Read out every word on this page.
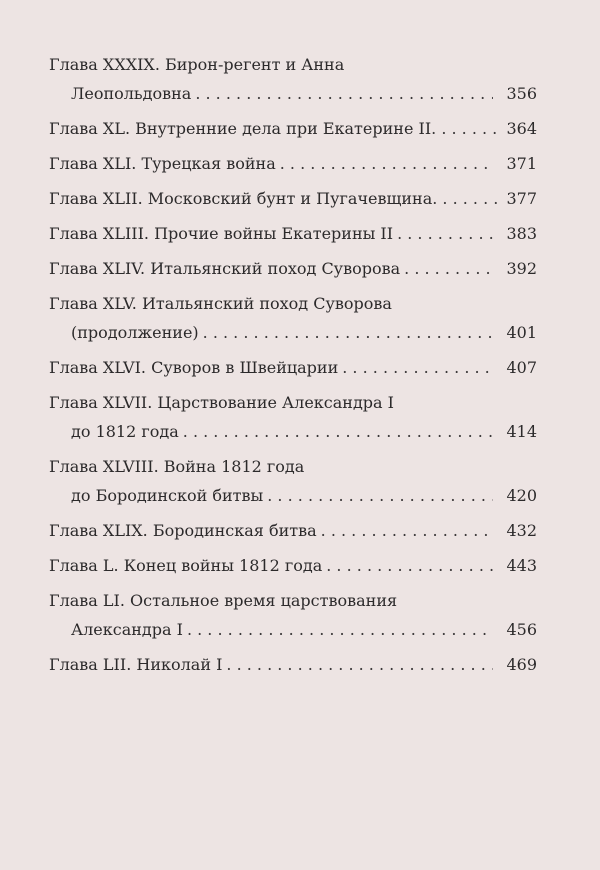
Глава XXXIX. Бирон-регент и Анна
Леопольдовна . . .	356
Глава XL. Внутренние дела при Екатерине II . . .	364
Глава XLI. Турецкая война . . .	371
Глава XLII. Московский бунт и Пугачевщина . . .	377
Глава XLIII. Прочие войны Екатерины II . . .	383
Глава XLIV. Итальянский поход Суворова . . .	392
Глава XLV. Итальянский поход Суворова
(продолжение) . . .	401
Глава XLVI. Суворов в Швейцарии . . .	407
Глава XLVII. Царствование Александра I
до 1812 года . . .	414
Глава XLVIII. Война 1812 года
до Бородинской битвы . . .	420
Глава XLIX. Бородинская битва . . .	432
Глава L. Конец войны 1812 года . . .	443
Глава LI. Остальное время царствования
Александра I . . .	456
Глава LII. Николай I . . .	469
